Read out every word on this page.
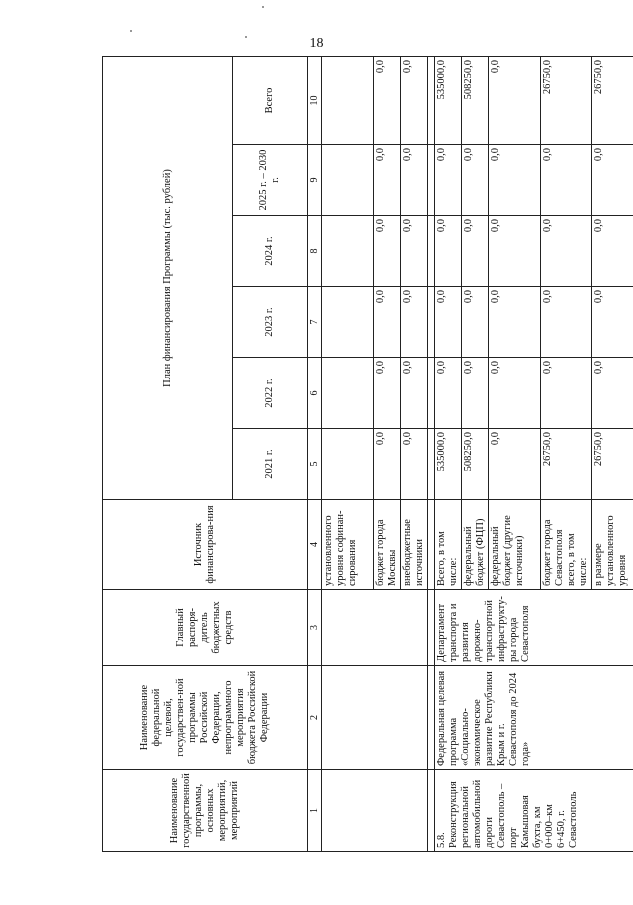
18
Наименование государственной программы, основных мероприятий, мероприятий	Наименование федеральной целевой, государствен-ной программы Российской Федерации, непрограммного мероприятия бюджета Российской Федерации	Главный распоря-дитель бюджетных средств	Источник финансирова-ния	План финансирования Программы (тыс. рублей)					
				2021 г.	2022 г.	2023 г.	2024 г.	2025 г. – 2030 г.	Всего
1	2	3	4	5	6	7	8	9	10
			установленного уровня софинан-сирования						
			бюджет города Москвы	0,0	0,0	0,0	0,0	0,0	0,0
			внебюджетные источники	0,0	0,0	0,0	0,0	0,0	0,0

5.8. Реконструкция региональной автомобильной дороги Севастополь – порт Камышовая бухта, км 0+000–км 6+450, г. Севастополь	Федеральная целевая программа «Социально-экономическое развитие Республики Крым и г. Севастополя до 2024 года»	Департамент транспорта и развития дорожно-транспортной инфраструкту-ры города Севастополя	Всего, в том числе:	535000,0	0,0	0,0	0,0	0,0	535000,0
			федеральный бюджет (ФЦП)	508250,0	0,0	0,0	0,0	0,0	508250,0
			федеральный бюджет (другие источники)	0,0	0,0	0,0	0,0	0,0	0,0
			бюджет города Севастополя всего, в том числе:	26750,0	0,0	0,0	0,0	0,0	26750,0
			в размере установленного уровня	26750,0	0,0	0,0	0,0	0,0	26750,0
